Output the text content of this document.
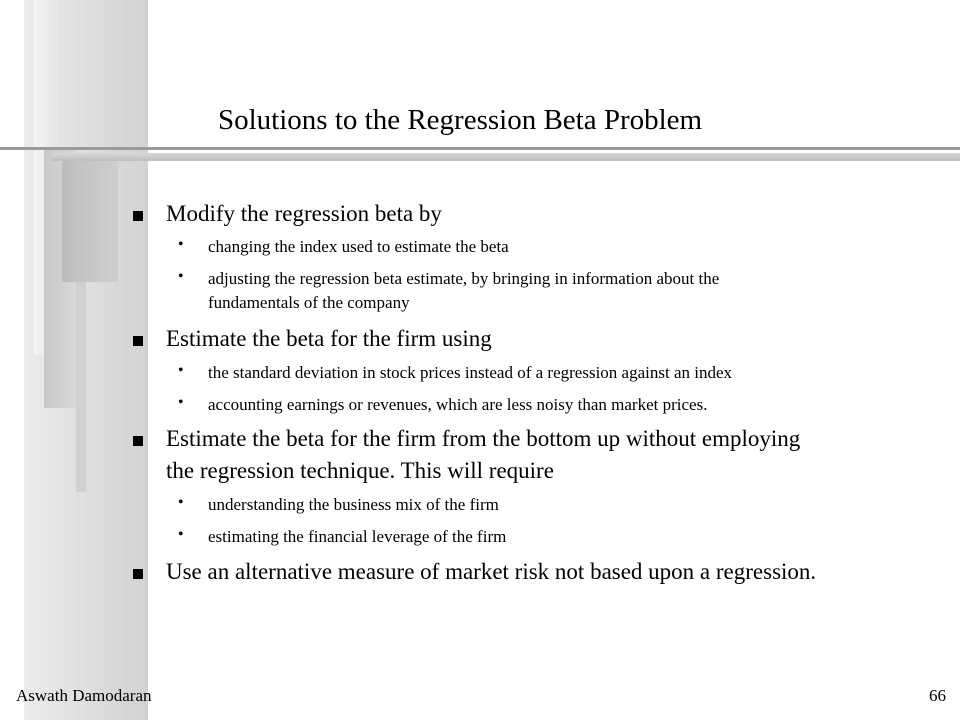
Solutions to the Regression Beta Problem
Modify the regression beta by
• changing the index used to estimate the beta
• adjusting the regression beta estimate, by bringing in information about the
fundamentals of the company
Estimate the beta for the firm using
• the standard deviation in stock prices instead of a regression against an index
• accounting earnings or revenues, which are less noisy than market prices.
Estimate the beta for the firm from the bottom up without employing
the regression technique. This will require
• understanding the business mix of the firm
• estimating the financial leverage of the firm
Use an alternative measure of market risk not based upon a regression.
Aswath Damodaran	66
